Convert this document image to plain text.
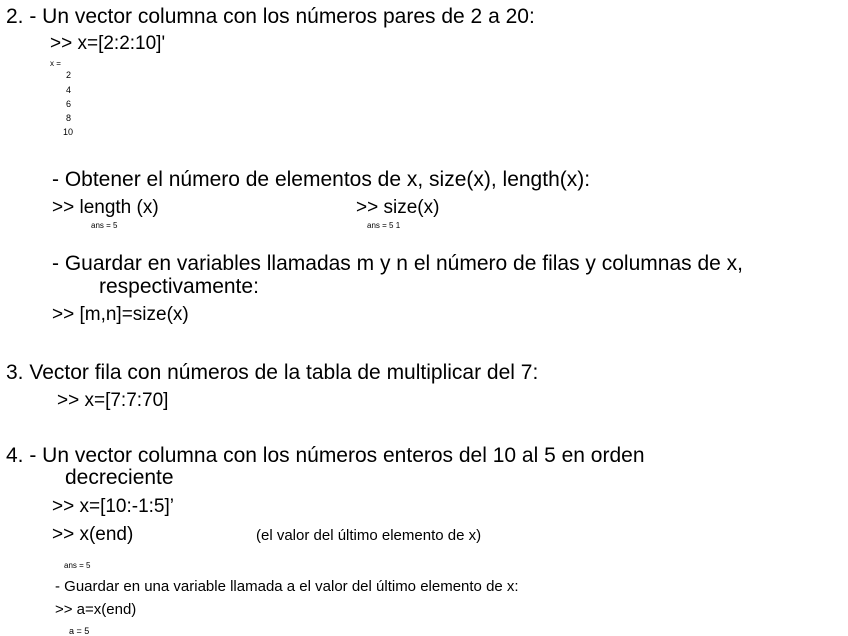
2. - Un vector columna con los números pares de 2 a 20:
>> x=[2:2:10]'
x =
2
4
6
8
10
- Obtener el número de elementos de x, size(x), length(x):
>> length (x)
ans = 5
>> size(x)
ans = 5 1
- Guardar en variables llamadas m y n el número de filas y columnas de x,
respectivamente:
>> [m,n]=size(x)
3. Vector fila con números de la tabla de multiplicar del 7:
>> x=[7:7:70]
4. - Un vector columna con los números enteros del 10 al 5 en orden
decreciente
>> x=[10:-1:5]’
>> x(end)	(el valor del último elemento de x)
ans = 5
- Guardar en una variable llamada a el valor del último elemento de x:
>> a=x(end)
a = 5
